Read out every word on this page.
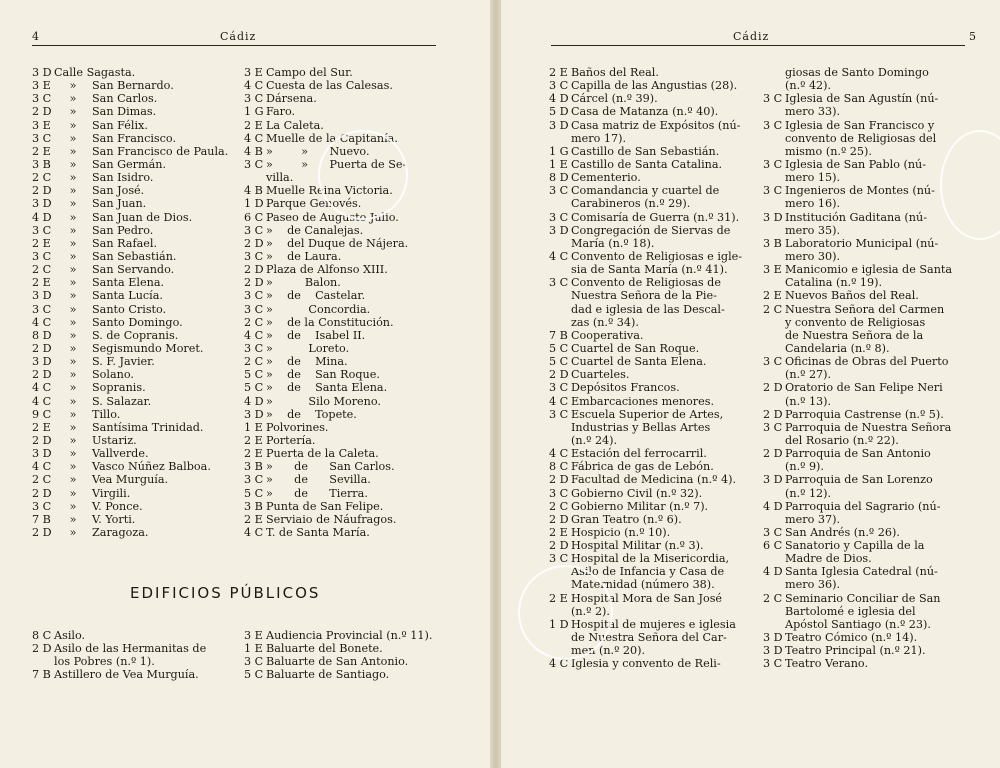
4	Cádiz
3 D Calle Sagasta.
3 E » San Bernardo.
3 C » San Carlos.
2 D » San Dimas.
3 E » San Félix.
3 C » San Francisco.
2 E » San Francisco de Paula.
3 B » San Germán.
2 C » San Isidro.
2 D » San José.
3 D » San Juan.
4 D » San Juan de Dios.
3 C » San Pedro.
2 E » San Rafael.
3 C » San Sebastián.
2 C » San Servando.
2 E » Santa Elena.
3 D » Santa Lucía.
3 C » Santo Cristo.
4 C » Santo Domingo.
8 D » S. de Copranis.
2 D » Segismundo Moret.
3 D » S. F. Javier.
2 D » Solano.
4 C » Sopranis.
4 C » S. Salazar.
9 C » Tillo.
2 E » Santísima Trinidad.
2 D » Ustariz.
3 D » Vallverde.
4 C » Vasco Núñez Balboa.
2 C » Vea Murguía.
2 D » Virgili.
3 C » V. Ponce.
7 B » V. Yorti.
2 D » Zaragoza.
3 E Campo del Sur.
4 C Cuesta de las Calesas.
3 C Dársena.
1 G Faro.
2 E La Caleta.
4 C Muelle de la Capitanía.
4 B »        »      Nuevo.
3 C »        »      Puerta de Se-
villa.
4 B Muelle Reina Victoria.
1 D Parque Genovés.
6 C Paseo de Augusto Julio.
3 C »    de Canalejas.
2 D »    del Duque de Nájera.
3 C »    de Laura.
2 D Plaza de Alfonso XIII.
2 D »         Balon.
3 C »    de    Castelar.
3 C »          Concordia.
2 C »    de la Constitución.
4 C »    de    Isabel II.
3 C »          Loreto.
2 C »    de    Mina.
5 C »    de    San Roque.
5 C »    de    Santa Elena.
4 D »          Silo Moreno.
3 D »    de    Topete.
1 E Polvorines.
2 E Portería.
2 E Puerta de la Caleta.
3 B »      de      San Carlos.
3 C »      de      Sevilla.
5 C »      de      Tierra.
3 B Punta de San Felipe.
2 E Serviaio de Náufragos.
4 C T. de Santa María.
EDIFICIOS PÚBLICOS
8 C Asilo.
2 D Asilo de las Hermanitas de
los Pobres (n.º 1).
7 B Astillero de Vea Murguía.
3 E Audiencia Provincial (n.º 11).
1 E Baluarte del Bonete.
3 C Baluarte de San Antonio.
5 C Baluarte de Santiago.
Cádiz	5
2 E Baños del Real.
3 C Capilla de las Angustias (28).
4 D Cárcel (n.º 39).
5 D Casa de Matanza (n.º 40).
3 D Casa matriz de Expósitos (nú-
mero 17).
1 G Castillo de San Sebastián.
1 E Castillo de Santa Catalina.
8 D Cementerio.
3 C Comandancia y cuartel de
Carabineros (n.º 29).
3 C Comisaría de Guerra (n.º 31).
3 D Congregación de Siervas de
María (n.º 18).
4 C Convento de Religiosas e igle-
sia de Santa María (n.º 41).
3 C Convento de Religiosas de
Nuestra Señora de la Pie-
dad e iglesia de las Descal-
zas (n.º 34).
7 B Cooperativa.
5 C Cuartel de San Roque.
5 C Cuartel de Santa Elena.
2 D Cuarteles.
3 C Depósitos Francos.
4 C Embarcaciones menores.
3 C Escuela Superior de Artes,
Industrias y Bellas Artes
(n.º 24).
4 C Estación del ferrocarril.
8 C Fábrica de gas de Lebón.
2 D Facultad de Medicina (n.º 4).
3 C Gobierno Civil (n.º 32).
2 C Gobierno Militar (n.º 7).
2 D Gran Teatro (n.º 6).
2 E Hospicio (n.º 10).
2 D Hospital Militar (n.º 3).
3 C Hospital de la Misericordia,
Asilo de Infancia y Casa de
Maternidad (número 38).
2 E Hospital Mora de San José
(n.º 2).
1 D Hospital de mujeres e iglesia
de Nuestra Señora del Car-
men (n.º 20).
4 C Iglesia y convento de Reli-
giosas de Santo Domingo
(n.º 42).
3 C Iglesia de San Agustín (nú-
mero 33).
3 C Iglesia de San Francisco y
convento de Religiosas del
mismo (n.º 25).
3 C Iglesia de San Pablo (nú-
mero 15).
3 C Ingenieros de Montes (nú-
mero 16).
3 D Institución Gaditana (nú-
mero 35).
3 B Laboratorio Municipal (nú-
mero 30).
3 E Manicomio e iglesia de Santa
Catalina (n.º 19).
2 E Nuevos Baños del Real.
2 C Nuestra Señora del Carmen
y convento de Religiosas
de Nuestra Señora de la
Candelaria (n.º 8).
3 C Oficinas de Obras del Puerto
(n.º 27).
2 D Oratorio de San Felipe Neri
(n.º 13).
2 D Parroquia Castrense (n.º 5).
3 C Parroquia de Nuestra Señora
del Rosario (n.º 22).
2 D Parroquia de San Antonio
(n.º 9).
3 D Parroquia de San Lorenzo
(n.º 12).
4 D Parroquia del Sagrario (nú-
mero 37).
3 C San Andrés (n.º 26).
6 C Sanatorio y Capilla de la
Madre de Dios.
4 D Santa Iglesia Catedral (nú-
mero 36).
2 C Seminario Conciliar de San
Bartolomé e iglesia del
Apóstol Santiago (n.º 23).
3 D Teatro Cómico (n.º 14).
3 D Teatro Principal (n.º 21).
3 C Teatro Verano.
